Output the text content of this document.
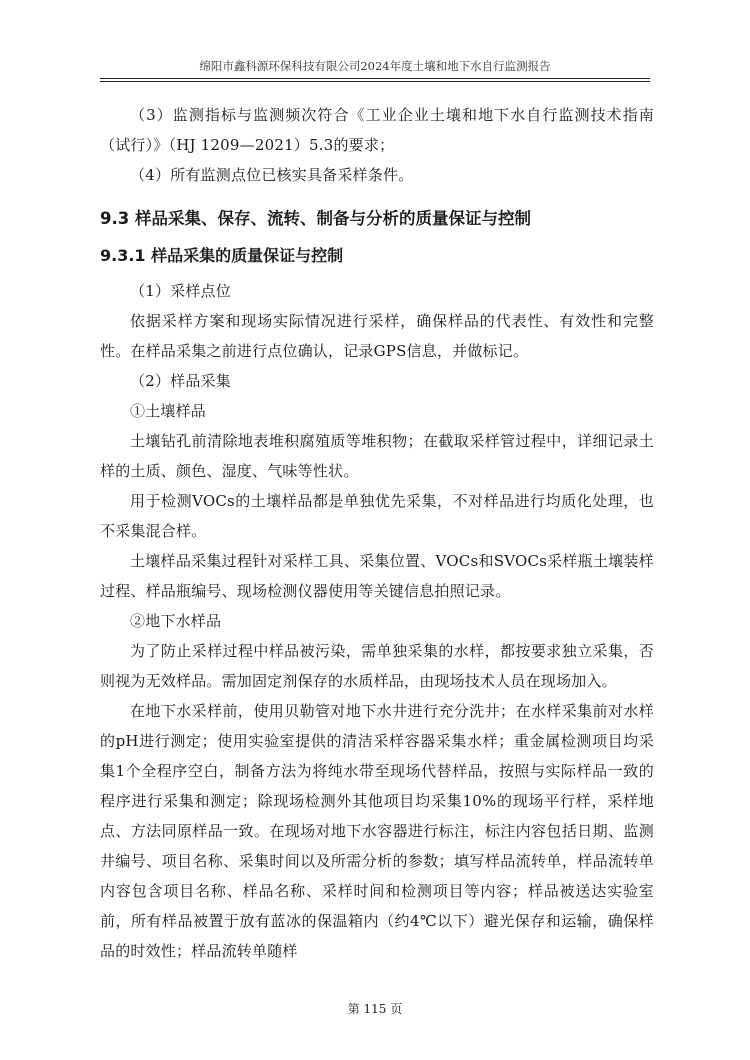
绵阳市鑫科源环保科技有限公司2024年度土壤和地下水自行监测报告

（3）监测指标与监测频次符合《工业企业土壤和地下水自行监测技术指南（试行）》（HJ 1209—2021）5.3的要求；

（4）所有监测点位已核实具备采样条件。

9.3 样品采集、保存、流转、制备与分析的质量保证与控制
9.3.1 样品采集的质量保证与控制

（1）采样点位

依据采样方案和现场实际情况进行采样，确保样品的代表性、有效性和完整性。在样品采集之前进行点位确认，记录GPS信息，并做标记。

（2）样品采集

①土壤样品

土壤钻孔前清除地表堆积腐殖质等堆积物；在截取采样管过程中，详细记录土样的土质、颜色、湿度、气味等性状。

用于检测VOCs的土壤样品都是单独优先采集，不对样品进行均质化处理，也不采集混合样。

土壤样品采集过程针对采样工具、采集位置、VOCs和SVOCs采样瓶土壤装样过程、样品瓶编号、现场检测仪器使用等关键信息拍照记录。

②地下水样品

为了防止采样过程中样品被污染，需单独采集的水样，都按要求独立采集，否则视为无效样品。需加固定剂保存的水质样品，由现场技术人员在现场加入。

在地下水采样前，使用贝勒管对地下水井进行充分洗井；在水样采集前对水样的pH进行测定；使用实验室提供的清洁采样容器采集水样；重金属检测项目均采集1个全程序空白，制备方法为将纯水带至现场代替样品，按照与实际样品一致的程序进行采集和测定；除现场检测外其他项目均采集10%的现场平行样，采样地点、方法同原样品一致。在现场对地下水容器进行标注，标注内容包括日期、监测井编号、项目名称、采集时间以及所需分析的参数；填写样品流转单，样品流转单内容包含项目名称、样品名称、采样时间和检测项目等内容；样品被送达实验室前，所有样品被置于放有蓝冰的保温箱内（约4℃以下）避光保存和运输，确保样品的时效性；样品流转单随样

第 115 页
